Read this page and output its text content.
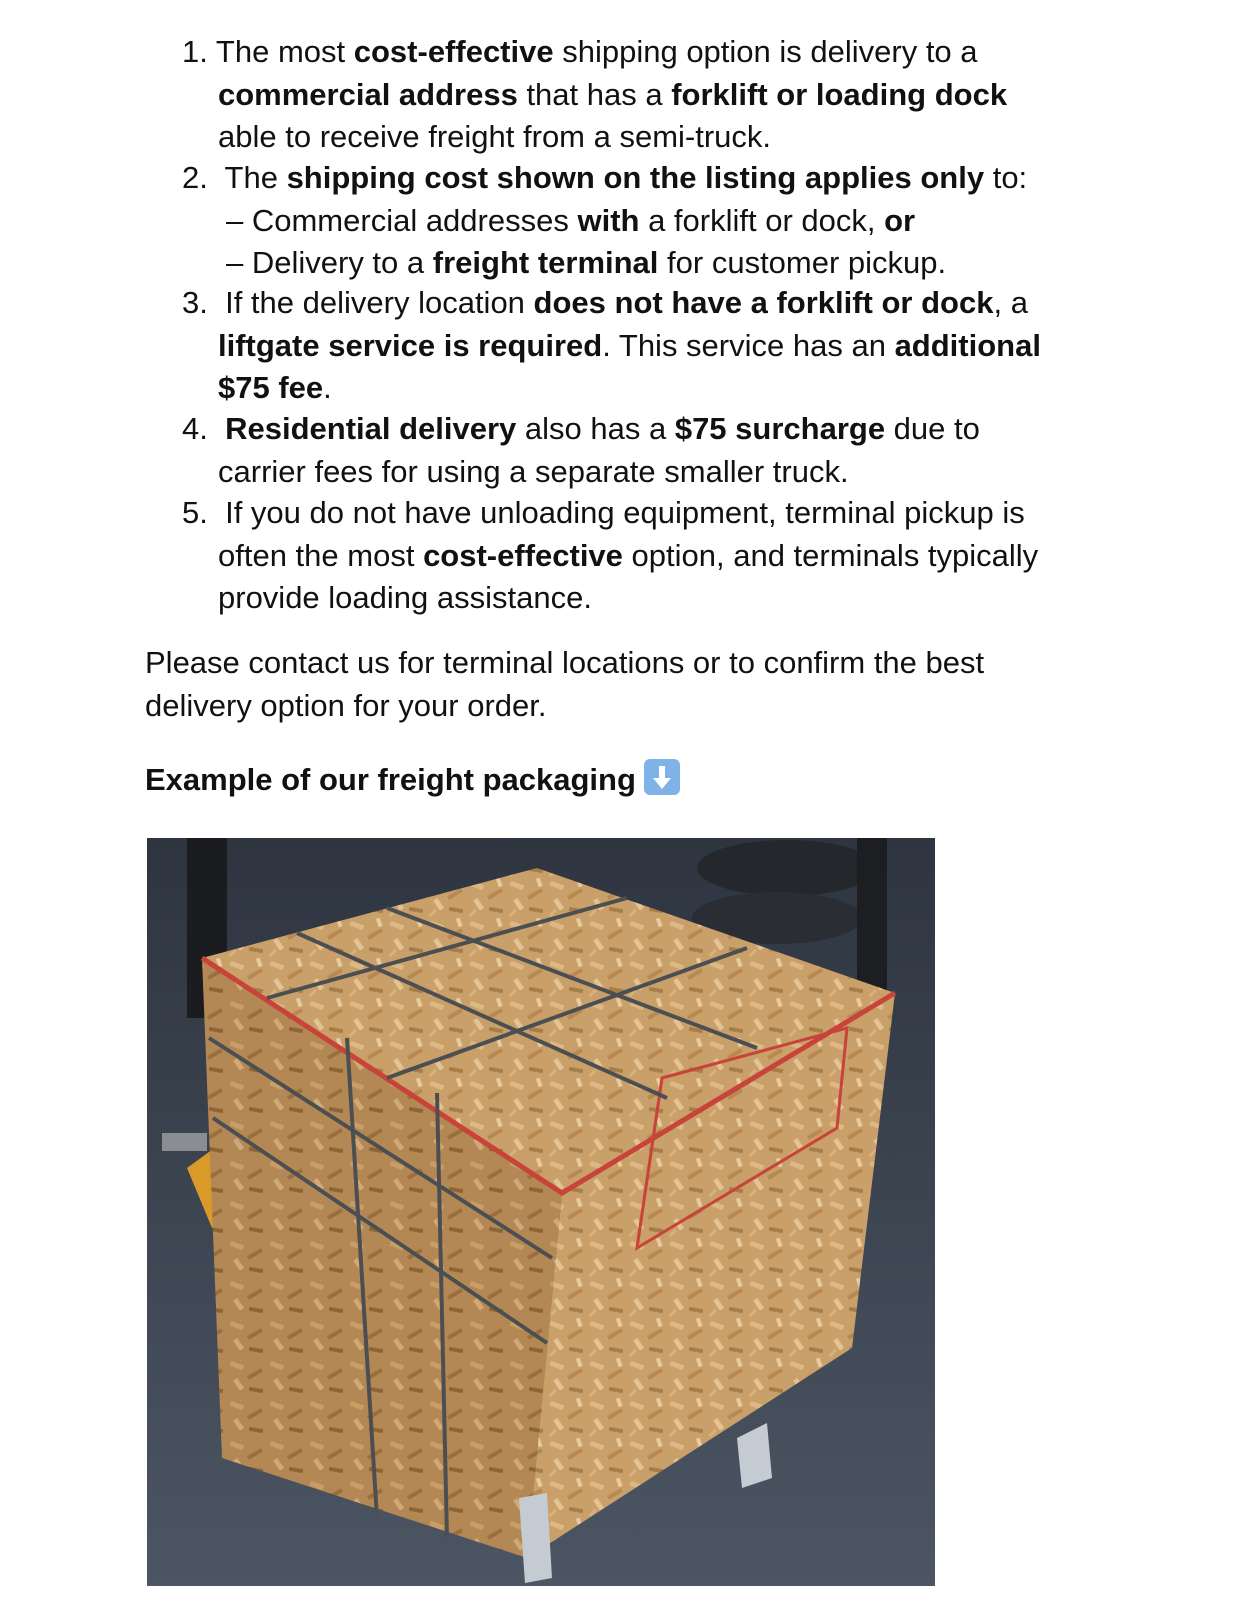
1. The most cost-effective shipping option is delivery to a
commercial address that has a forklift or loading dock
able to receive freight from a semi-truck.
2. The shipping cost shown on the listing applies only to:
– Commercial addresses with a forklift or dock, or
– Delivery to a freight terminal for customer pickup.
3. If the delivery location does not have a forklift or dock, a
liftgate service is required. This service has an additional
$75 fee.
4. Residential delivery also has a $75 surcharge due to
carrier fees for using a separate smaller truck.
5. If you do not have unloading equipment, terminal pickup is
often the most cost-effective option, and terminals typically
provide loading assistance.
Please contact us for terminal locations or to confirm the best
delivery option for your order.
Example of our freight packaging
